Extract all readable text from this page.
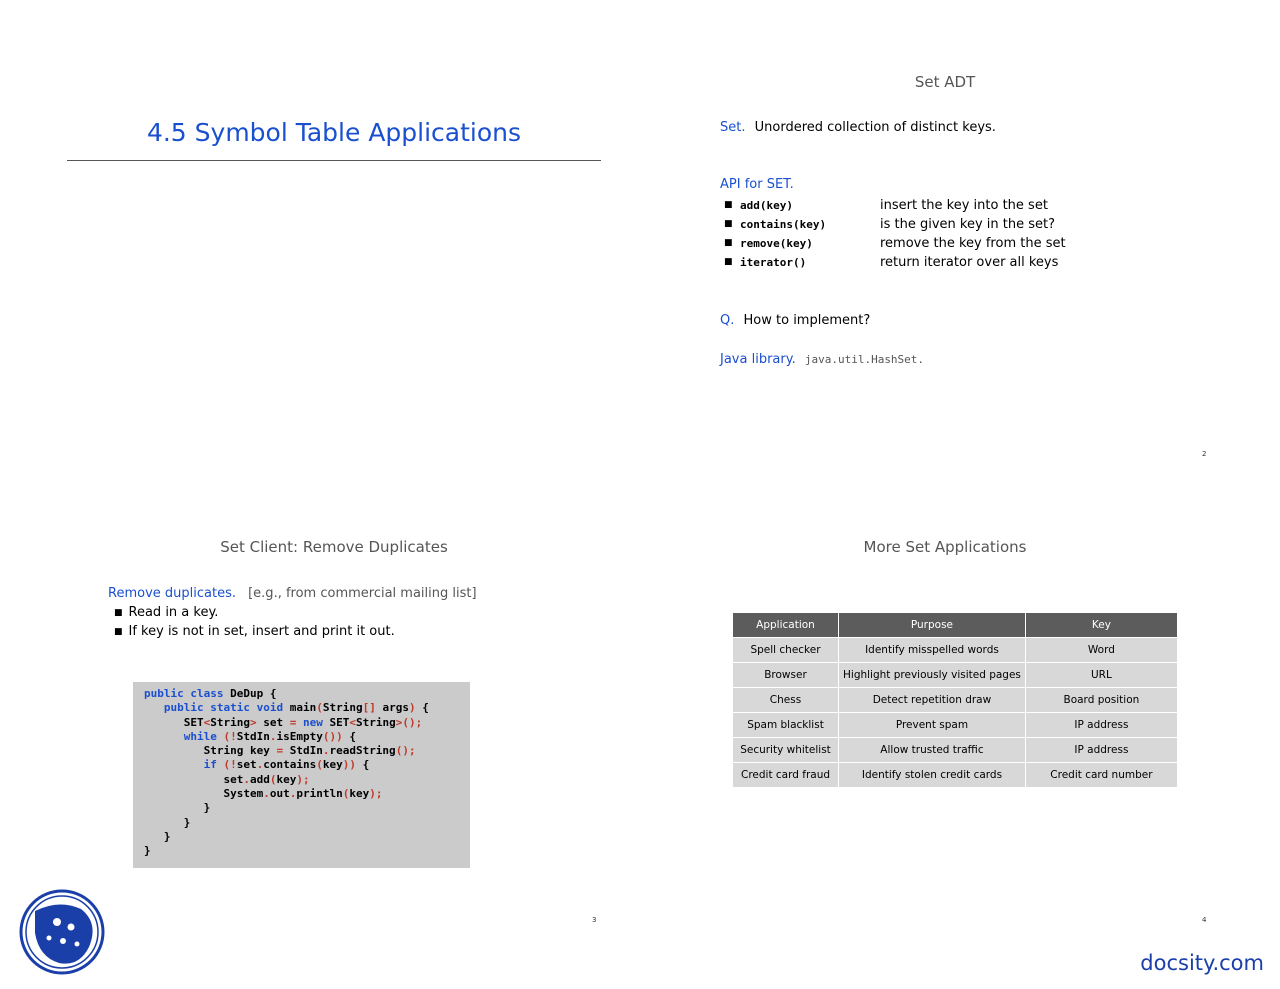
4.5 Symbol Table Applications
Set ADT
Set. Unordered collection of distinct keys.
API for SET.
■ add(key)	insert the key into the set
■ contains(key)	is the given key in the set?
■ remove(key)	remove the key from the set
■ iterator()	return iterator over all keys
Q. How to implement?
Java library. java.util.HashSet.
2
Set Client: Remove Duplicates
Remove duplicates. [e.g., from commercial mailing list]
■ Read in a key.
■ If key is not in set, insert and print it out.
public class DeDup {
public static void main(String[] args) {
SET<String> set = new SET<String>();
while (!StdIn.isEmpty()) {
String key = StdIn.readString();
if (!set.contains(key)) {
set.add(key);
System.out.println(key);
}
}
}
}
3
More Set Applications
Application	Purpose	Key
Spell checker	Identify misspelled words	Word
Browser	Highlight previously visited pages	URL
Chess	Detect repetition draw	Board position
Spam blacklist	Prevent spam	IP address
Security whitelist	Allow trusted traffic	IP address
Credit card fraud	Identify stolen credit cards	Credit card number
4
docsity.com
